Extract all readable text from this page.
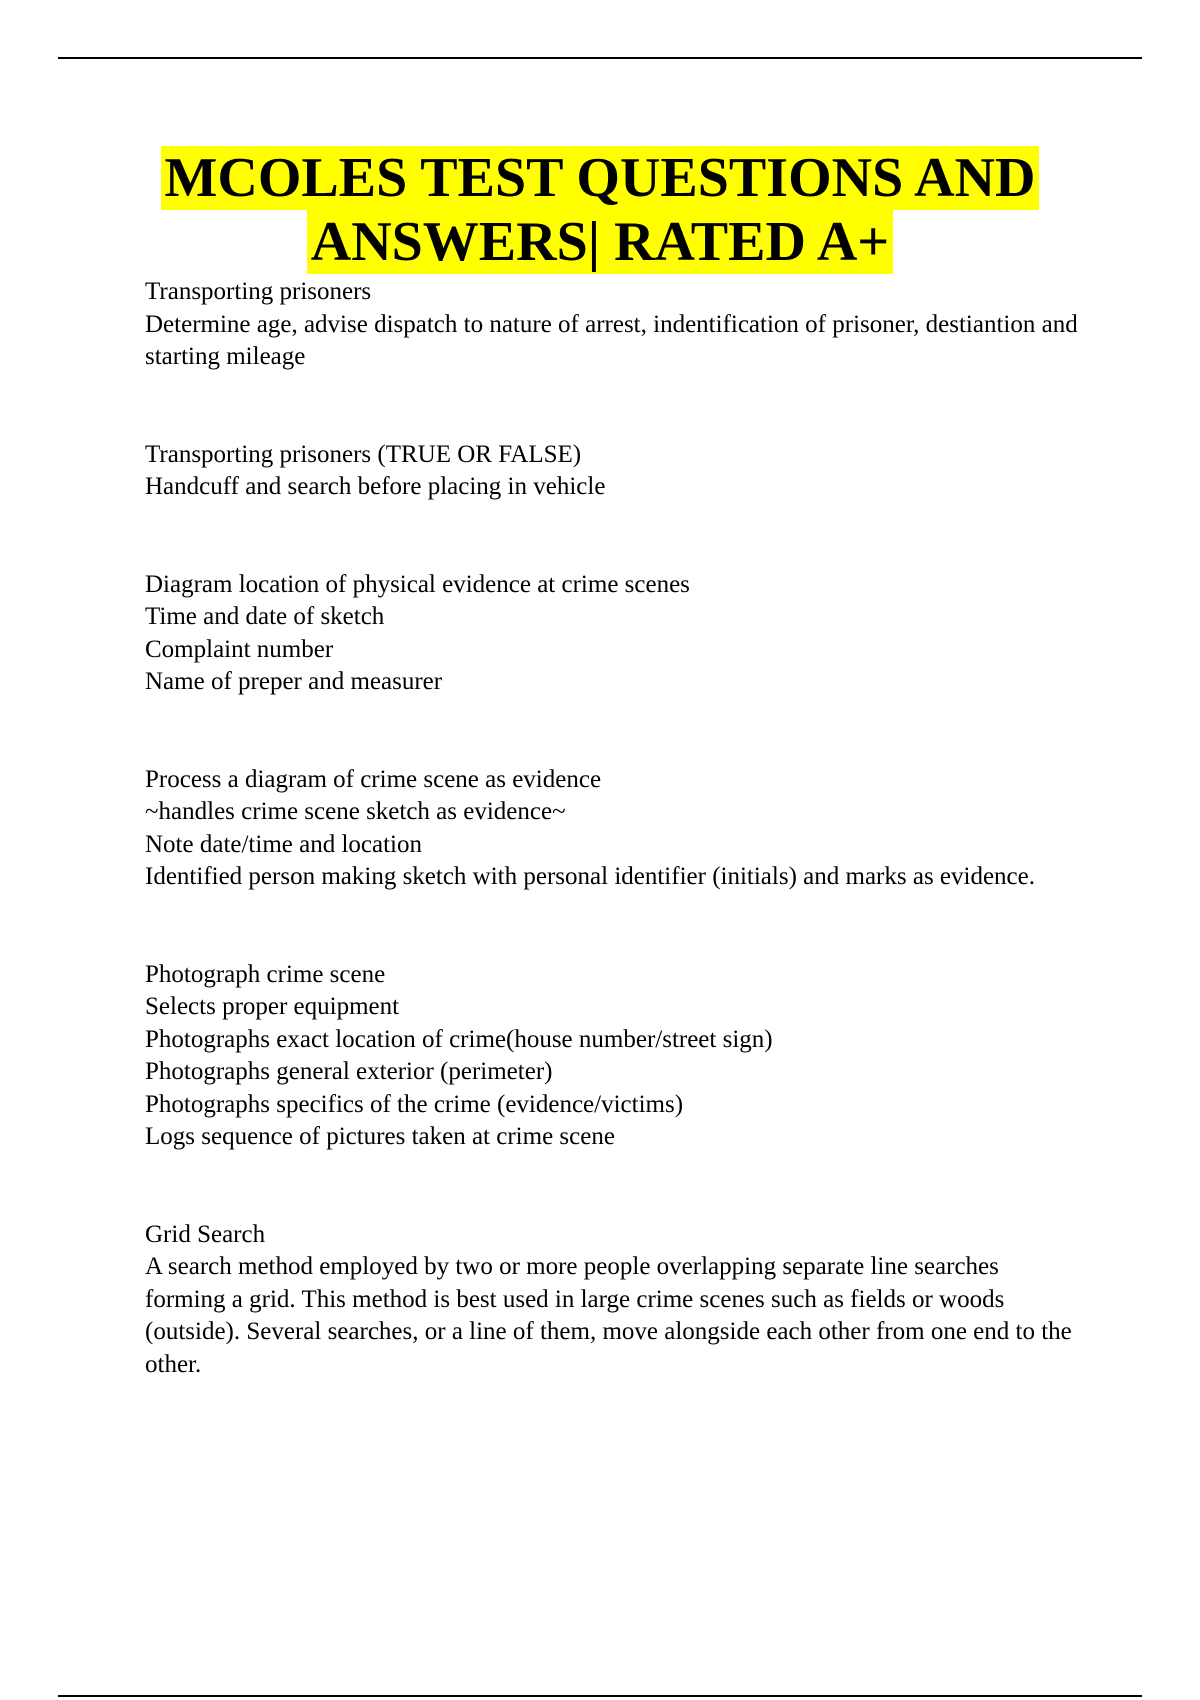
MCOLES TEST QUESTIONS AND
ANSWERS| RATED A+
Transporting prisoners
Determine age, advise dispatch to nature of arrest, indentification of prisoner, destiantion and starting mileage
Transporting prisoners (TRUE OR FALSE)
Handcuff and search before placing in vehicle
Diagram location of physical evidence at crime scenes
Time and date of sketch
Complaint number
Name of preper and measurer
Process a diagram of crime scene as evidence
~handles crime scene sketch as evidence~
Note date/time and location
Identified person making sketch with personal identifier (initials) and marks as evidence.
Photograph crime scene
Selects proper equipment
Photographs exact location of crime(house number/street sign)
Photographs general exterior (perimeter)
Photographs specifics of the crime (evidence/victims)
Logs sequence of pictures taken at crime scene
Grid Search
A search method employed by two or more people overlapping separate line searches forming a grid. This method is best used in large crime scenes such as fields or woods (outside). Several searches, or a line of them, move alongside each other from one end to the other.
